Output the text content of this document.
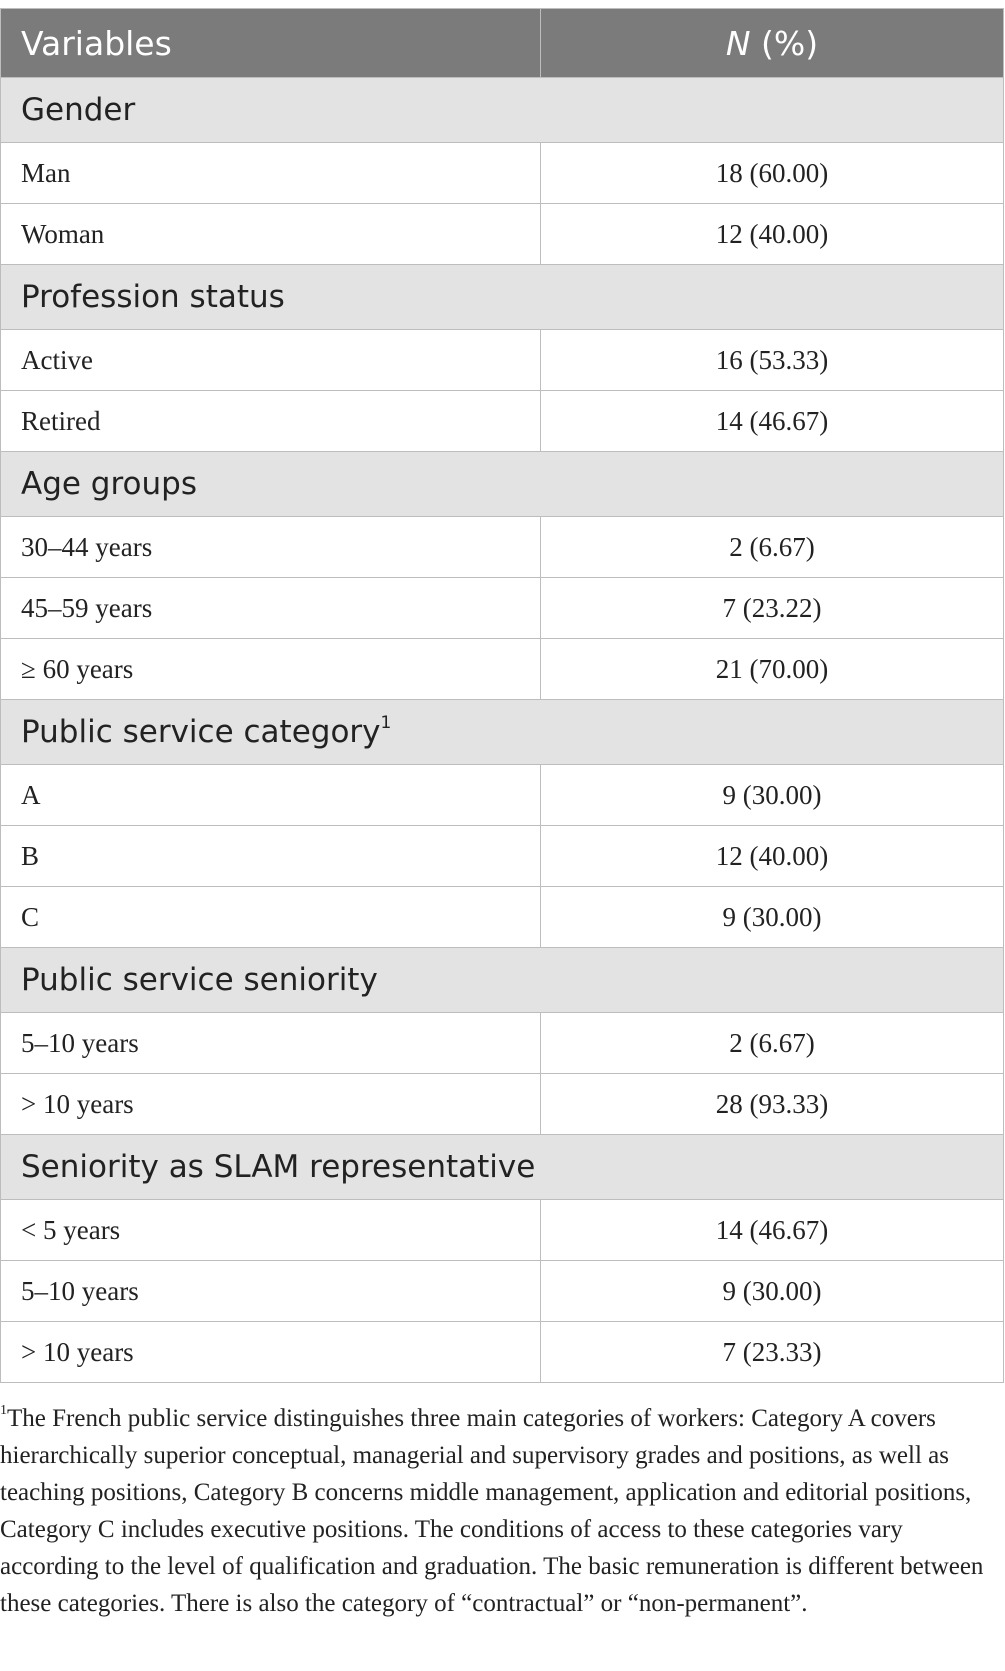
Variables	N (%)
Gender	
Man	18 (60.00)
Woman	12 (40.00)
Profession status	
Active	16 (53.33)
Retired	14 (46.67)
Age groups	
30–44 years	2 (6.67)
45–59 years	7 (23.22)
≥ 60 years	21 (70.00)
Public service category$^1$
A	9 (30.00)
B	12 (40.00)
C	9 (30.00)
Public service seniority	
5–10 years	2 (6.67)
> 10 years	28 (93.33)
Seniority as SLAM representative	
< 5 years	14 (46.67)
5–10 years	9 (30.00)
> 10 years	7 (23.33)
$^1$The French public service distinguishes three main categories of workers: Category A covers hierarchically superior conceptual, managerial and supervisory grades and positions, as well as teaching positions, Category B concerns middle management, application and editorial positions, Category C includes executive positions. The conditions of access to these categories vary according to the level of qualification and graduation. The basic remuneration is different between these categories. There is also the category of “contractual” or “non-permanent”.
